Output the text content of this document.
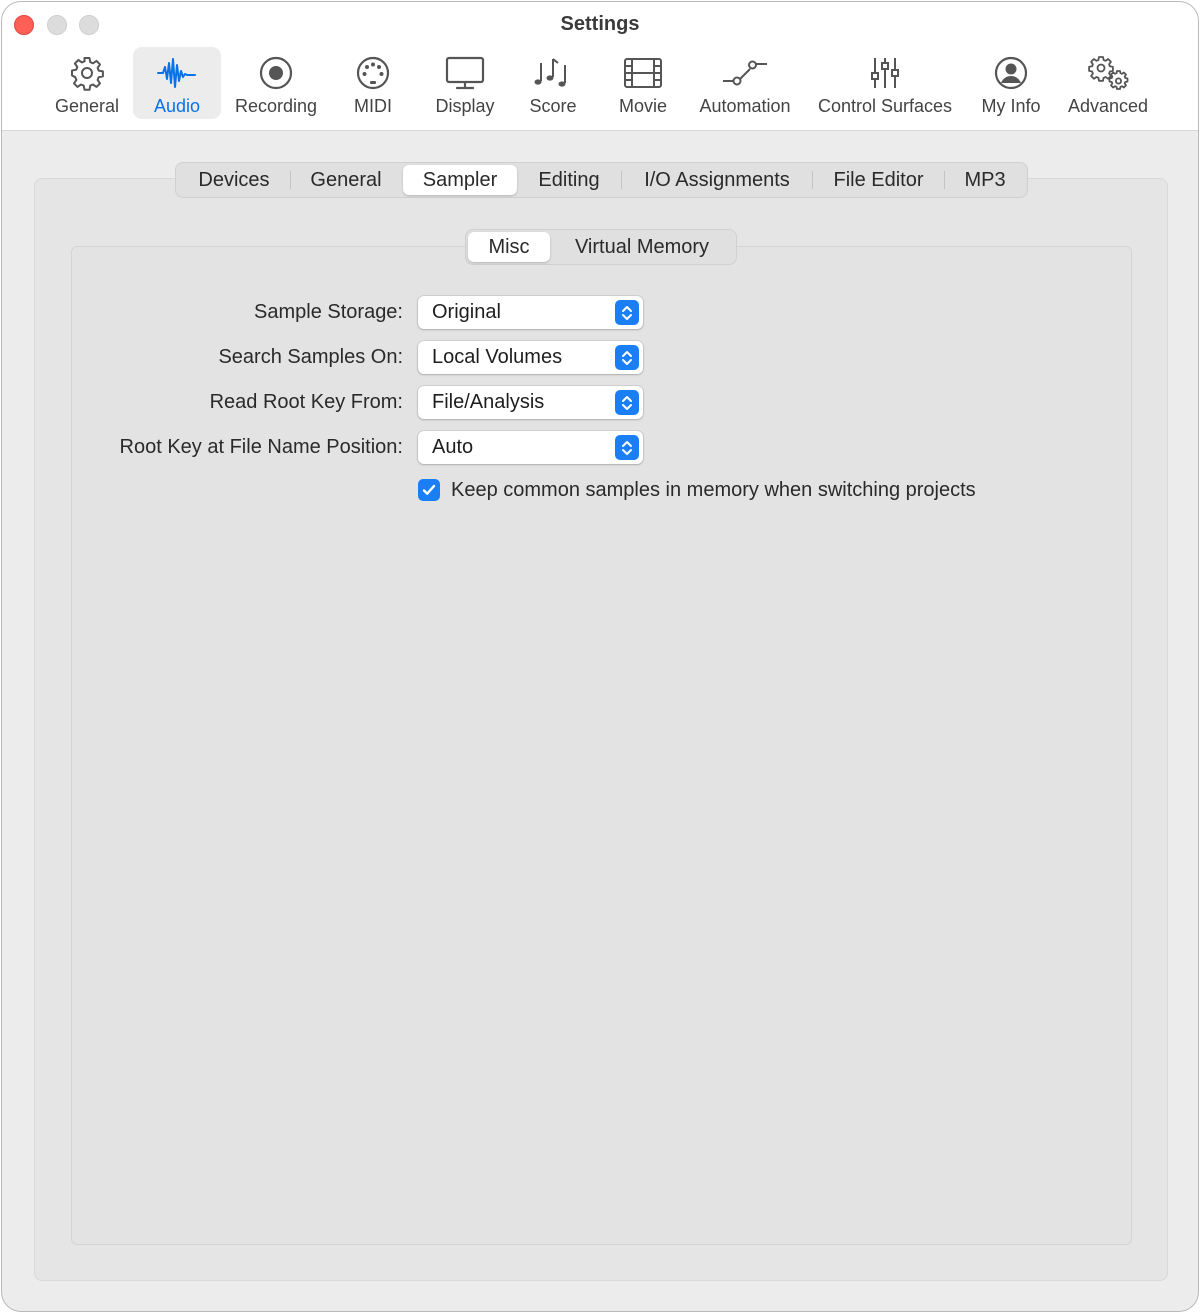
Settings
General Audio Recording MIDI Display Score Movie Automation Control Surfaces My Info Advanced
Devices	General	Sampler	Editing	I/O Assignments	File Editor	MP3
Misc	Virtual Memory
Sample Storage: Original
Search Samples On: Local Volumes
Read Root Key From: File/Analysis
Root Key at File Name Position: Auto
Keep common samples in memory when switching projects
